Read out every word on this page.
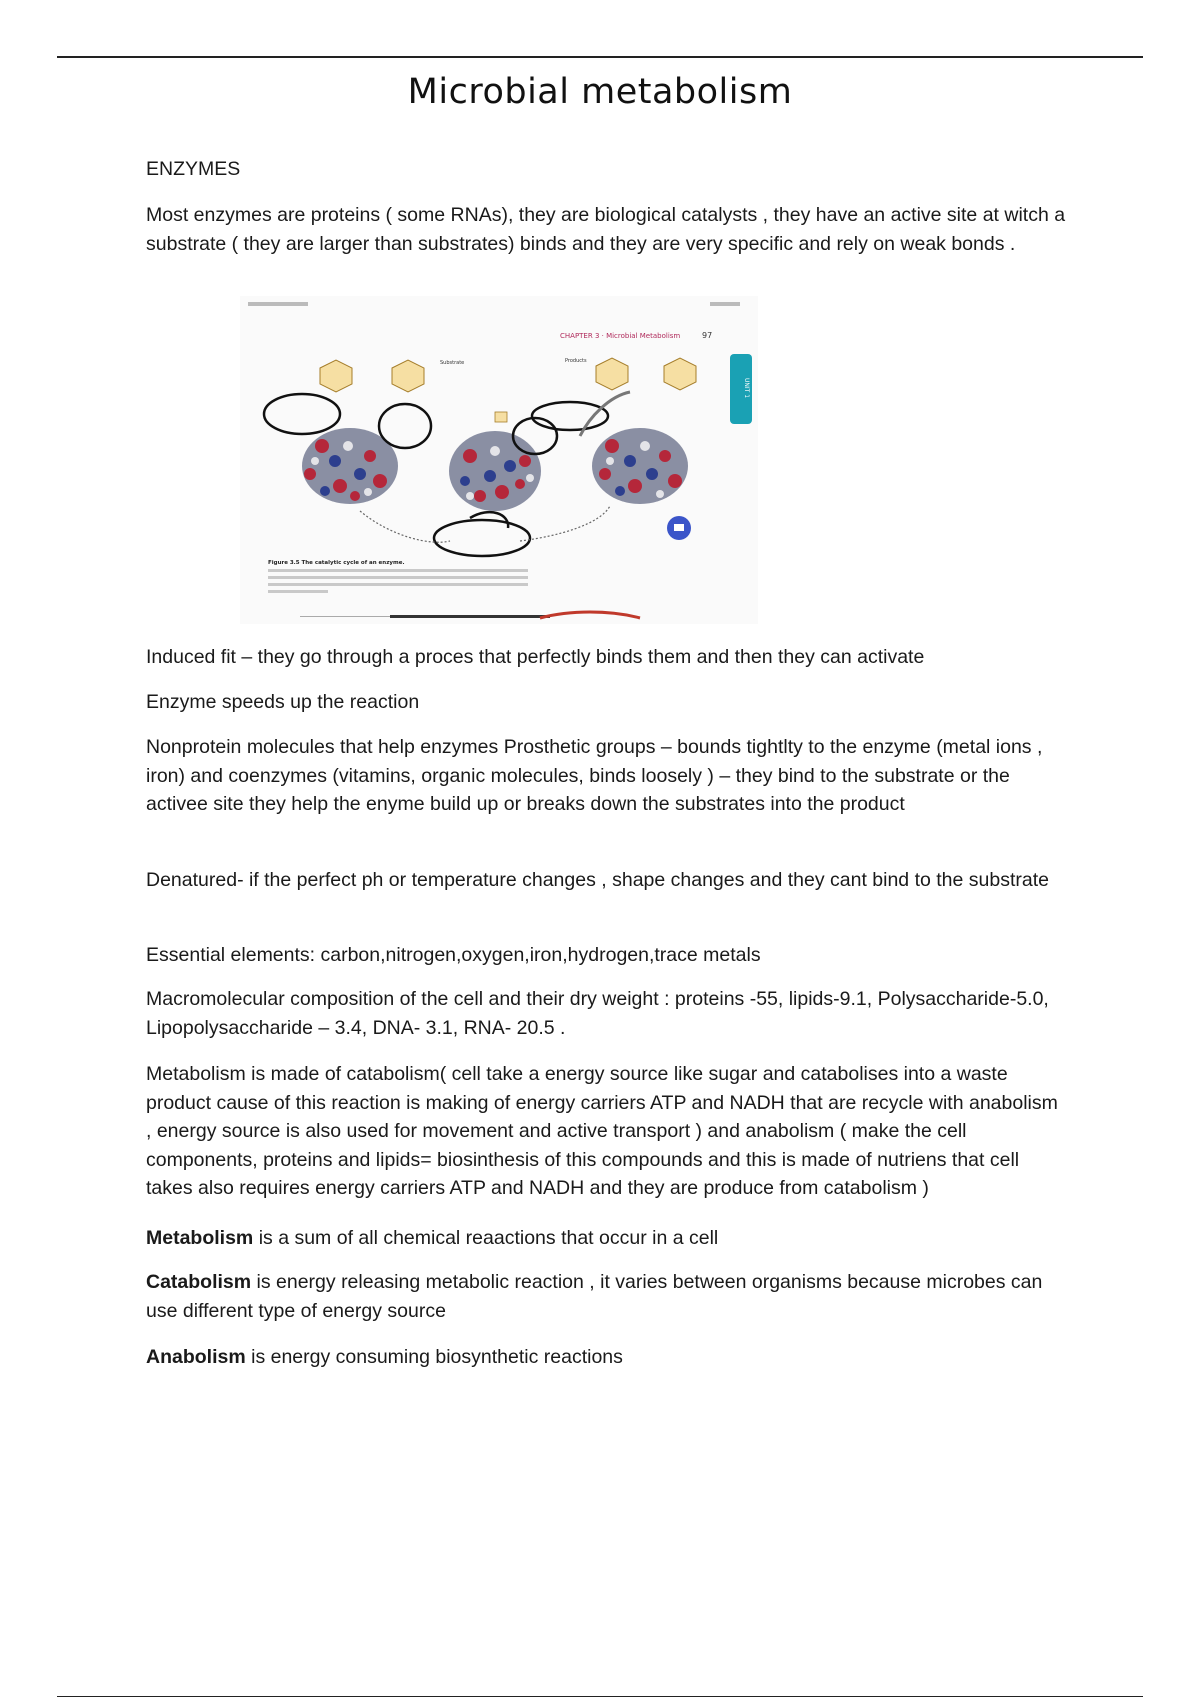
Microbial metabolism
ENZYMES

Most enzymes are proteins ( some RNAs), they are biological catalysts , they have an active site at witch a substrate ( they are larger than substrates) binds and they are very specific and rely on weak bonds .

CHAPTER 3 · Microbial Metabolism	97
UNIT 1
Products
Substrate
Figure 3.5 The catalytic cycle of an enzyme.

Induced fit – they go through a proces that perfectly binds them and then they can activate

Enzyme speeds up the reaction

Nonprotein molecules that help enzymes Prosthetic groups – bounds tightlty to the enzyme (metal ions , iron) and coenzymes (vitamins, organic molecules, binds loosely ) – they bind to the substrate or the activee site they help the enyme build up or breaks down the substrates into the product

Denatured- if the perfect ph or temperature changes , shape changes and they cant bind to the substrate

Essential elements: carbon,nitrogen,oxygen,iron,hydrogen,trace metals

Macromolecular composition of the cell and their dry weight : proteins -55, lipids-9.1, Polysaccharide-5.0, Lipopolysaccharide – 3.4, DNA- 3.1, RNA- 20.5 .

Metabolism is made of catabolism( cell take a energy source like sugar and catabolises into a waste product cause of this reaction is making of energy carriers ATP and NADH that are recycle with anabolism , energy source is also used for movement and active transport ) and anabolism ( make the cell components, proteins and lipids= biosinthesis of this compounds and this is made of nutriens that cell takes also requires energy carriers ATP and NADH and they are produce from catabolism )

Metabolism is a sum of all chemical reaactions that occur in a cell

Catabolism is energy releasing metabolic reaction , it varies between organisms because microbes can use different type of energy source

Anabolism is energy consuming biosynthetic reactions
